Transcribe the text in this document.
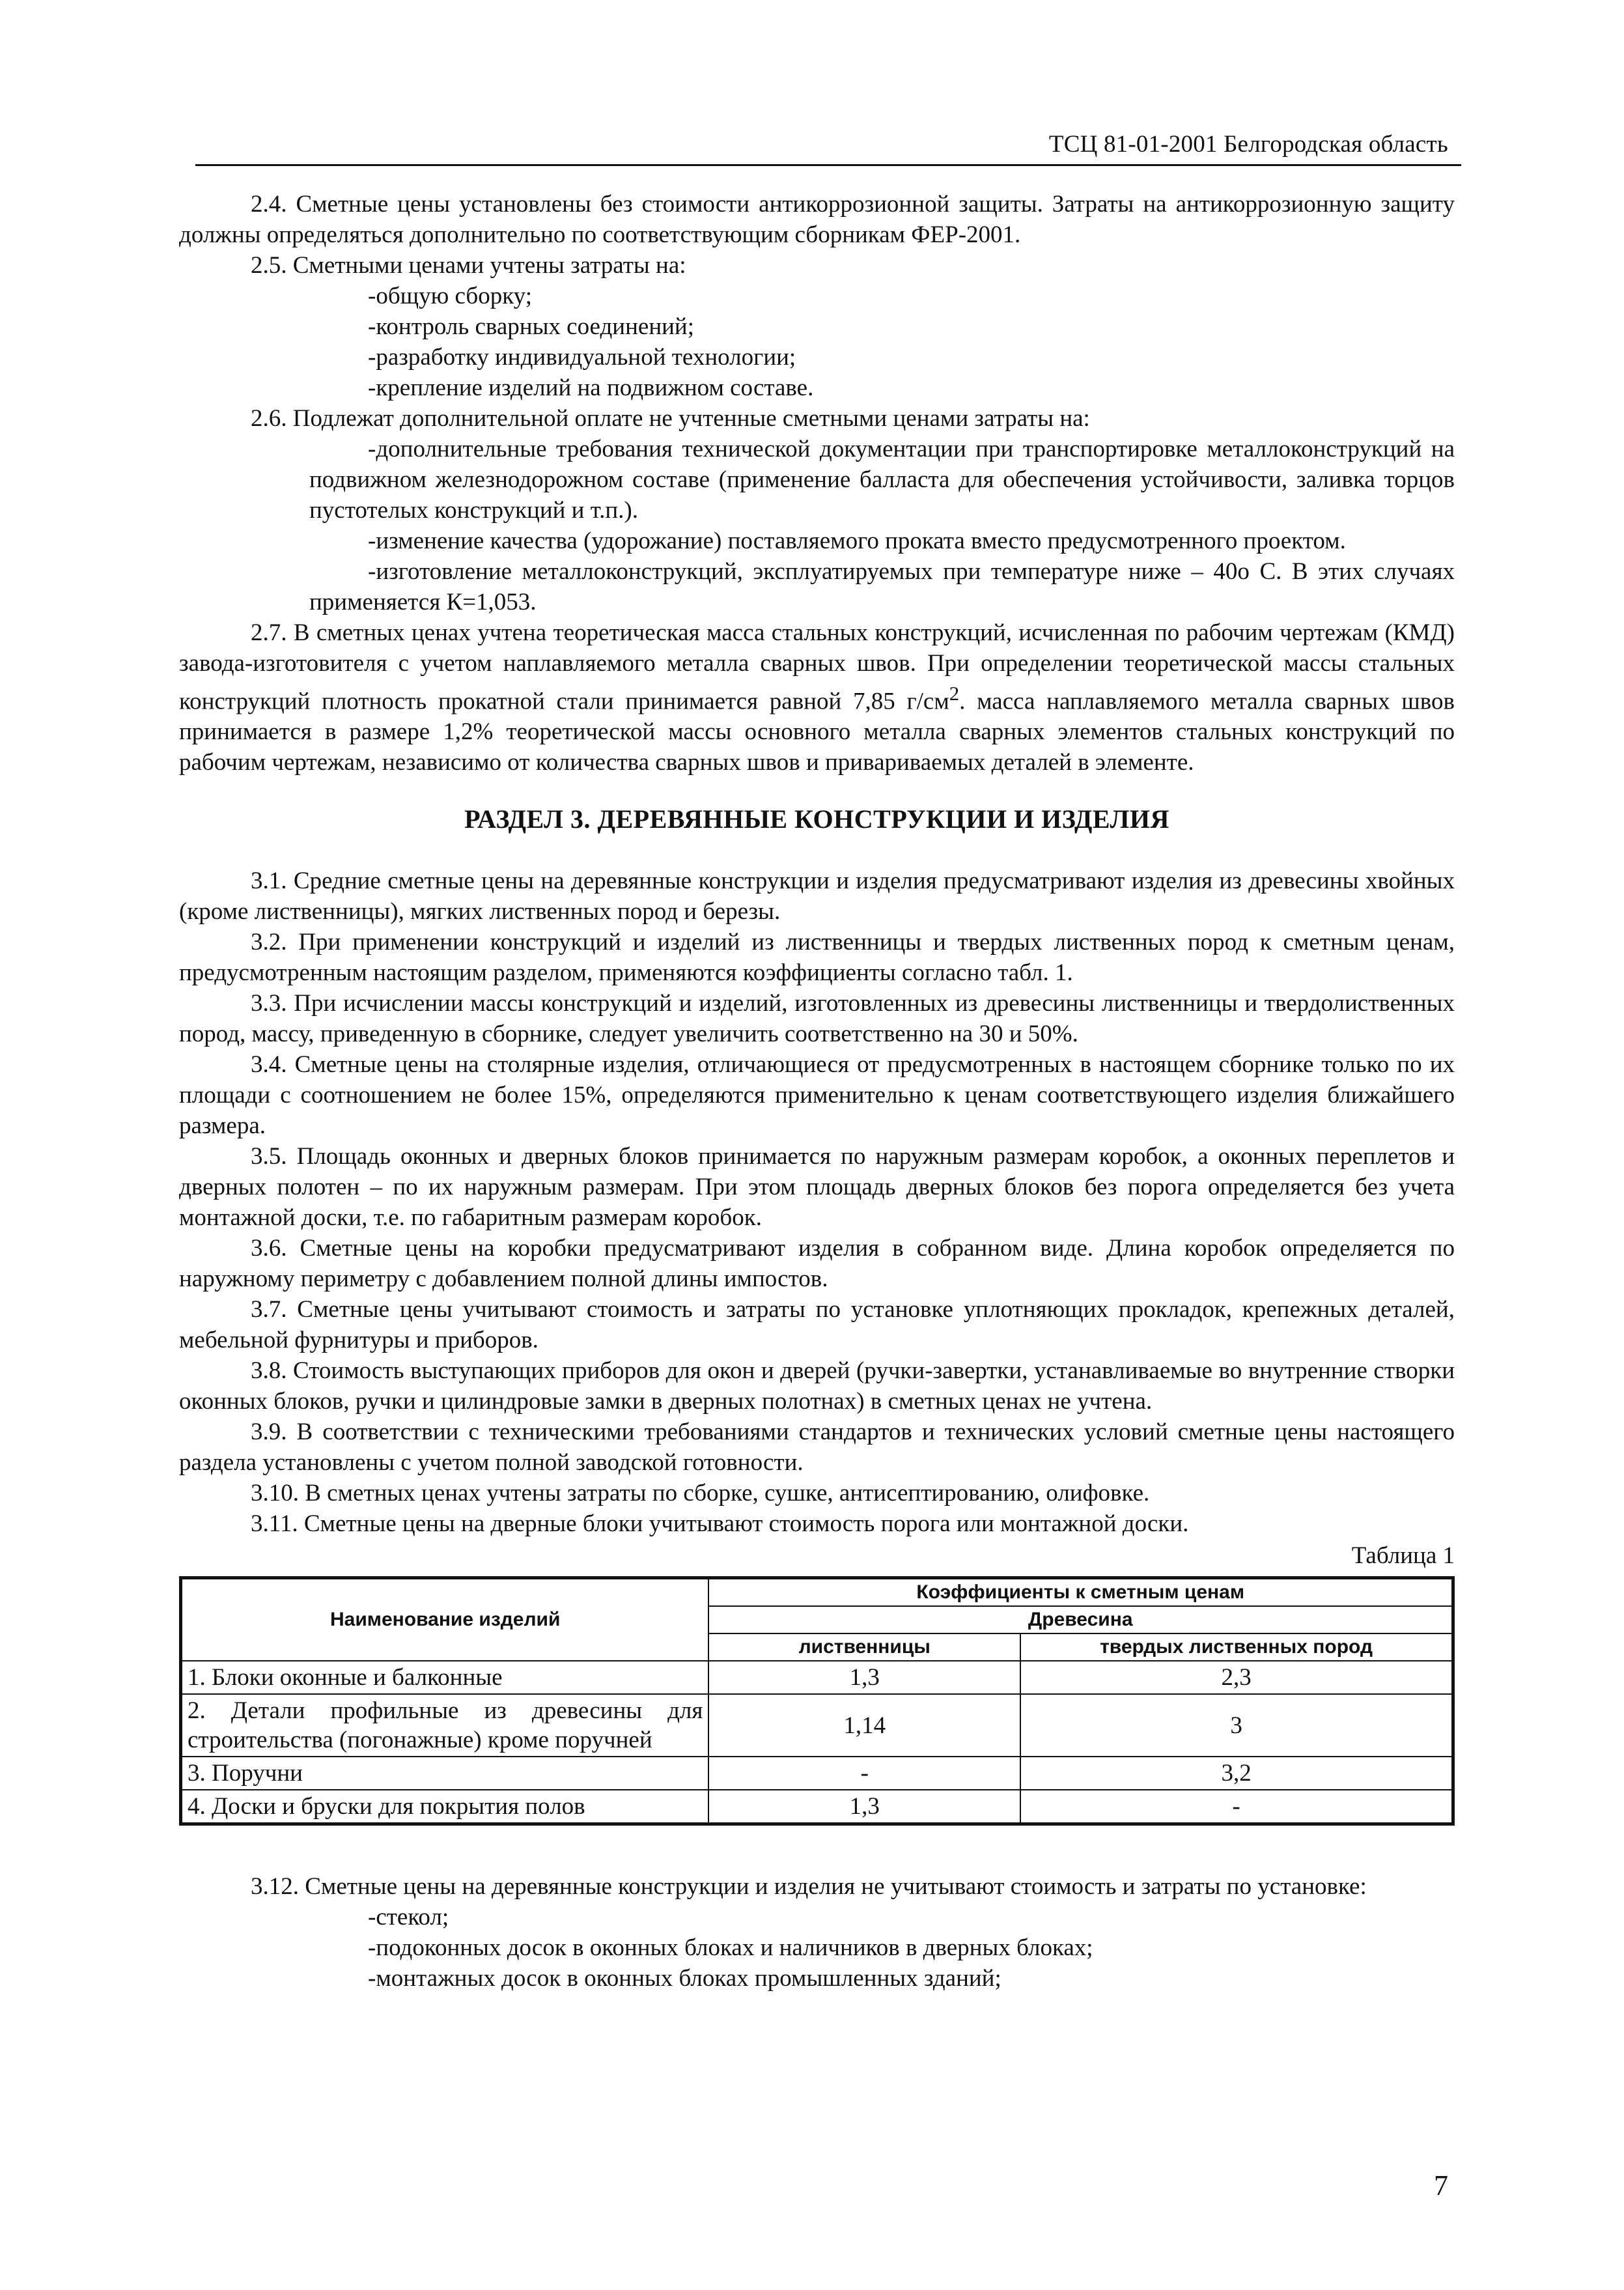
ТСЦ 81-01-2001 Белгородская область

2.4. Сметные цены установлены без стоимости антикоррозионной защиты. Затраты на антикоррозионную защиту должны определяться дополнительно по соответствующим сборникам ФЕР-2001.

2.5. Сметными ценами учтены затраты на:

-общую сборку;
-контроль сварных соединений;
-разработку индивидуальной технологии;
-крепление изделий на подвижном составе.

2.6. Подлежат дополнительной оплате не учтенные сметными ценами затраты на:

-дополнительные требования технической документации при транспортировке металлоконструкций на подвижном железнодорожном составе (применение балласта для обеспечения устойчивости, заливка торцов пустотелых конструкций и т.п.).
-изменение качества (удорожание) поставляемого проката вместо предусмотренного проектом.
-изготовление металлоконструкций, эксплуатируемых при температуре ниже – 40о С. В этих случаях применяется К=1,053.

2.7. В сметных ценах учтена теоретическая масса стальных конструкций, исчисленная по рабочим чертежам (КМД) завода-изготовителя с учетом наплавляемого металла сварных швов. При определении теоретической массы стальных конструкций плотность прокатной стали принимается равной 7,85 $г/см^2$. масса наплавляемого металла сварных швов принимается в размере 1,2% теоретической массы основного металла сварных элементов стальных конструкций по рабочим чертежам, независимо от количества сварных швов и привариваемых деталей в элементе.

РАЗДЕЛ 3. ДЕРЕВЯННЫЕ КОНСТРУКЦИИ И ИЗДЕЛИЯ

3.1. Средние сметные цены на деревянные конструкции и изделия предусматривают изделия из древесины хвойных (кроме лиственницы), мягких лиственных пород и березы.

3.2. При применении конструкций и изделий из лиственницы и твердых лиственных пород к сметным ценам, предусмотренным настоящим разделом, применяются коэффициенты согласно табл. 1.

3.3. При исчислении массы конструкций и изделий, изготовленных из древесины лиственницы и твердолиственных пород, массу, приведенную в сборнике, следует увеличить соответственно на 30 и 50%.

3.4. Сметные цены на столярные изделия, отличающиеся от предусмотренных в настоящем сборнике только по их площади с соотношением не более 15%, определяются применительно к ценам соответствующего изделия ближайшего размера.

3.5. Площадь оконных и дверных блоков принимается по наружным размерам коробок, а оконных переплетов и дверных полотен – по их наружным размерам. При этом площадь дверных блоков без порога определяется без учета монтажной доски, т.е. по габаритным размерам коробок.

3.6. Сметные цены на коробки предусматривают изделия в собранном виде. Длина коробок определяется по наружному периметру с добавлением полной длины импостов.

3.7. Сметные цены учитывают стоимость и затраты по установке уплотняющих прокладок, крепежных деталей, мебельной фурнитуры и приборов.

3.8. Стоимость выступающих приборов для окон и дверей (ручки-завертки, устанавливаемые во внутренние створки оконных блоков, ручки и цилиндровые замки в дверных полотнах) в сметных ценах не учтена.

3.9. В соответствии с техническими требованиями стандартов и технических условий сметные цены настоящего раздела установлены с учетом полной заводской готовности.

3.10. В сметных ценах учтены затраты по сборке, сушке, антисептированию, олифовке.

3.11. Сметные цены на дверные блоки учитывают стоимость порога или монтажной доски.

Таблица 1
Наименование изделий	Коэффициенты к сметным ценам	
	Древесина	
	лиственницы	твердых лиственных пород
1. Блоки оконные и балконные	1,3	2,3
2. Детали профильные из древесины для строительства (погонажные) кроме поручней	1,14	3
3. Поручни	-	3,2
4. Доски и бруски для покрытия полов	1,3	-

3.12. Сметные цены на деревянные конструкции и изделия не учитывают стоимость и затраты по установке:

-стекол;
-подоконных досок в оконных блоках и наличников в дверных блоках;
-монтажных досок в оконных блоках промышленных зданий;
7
